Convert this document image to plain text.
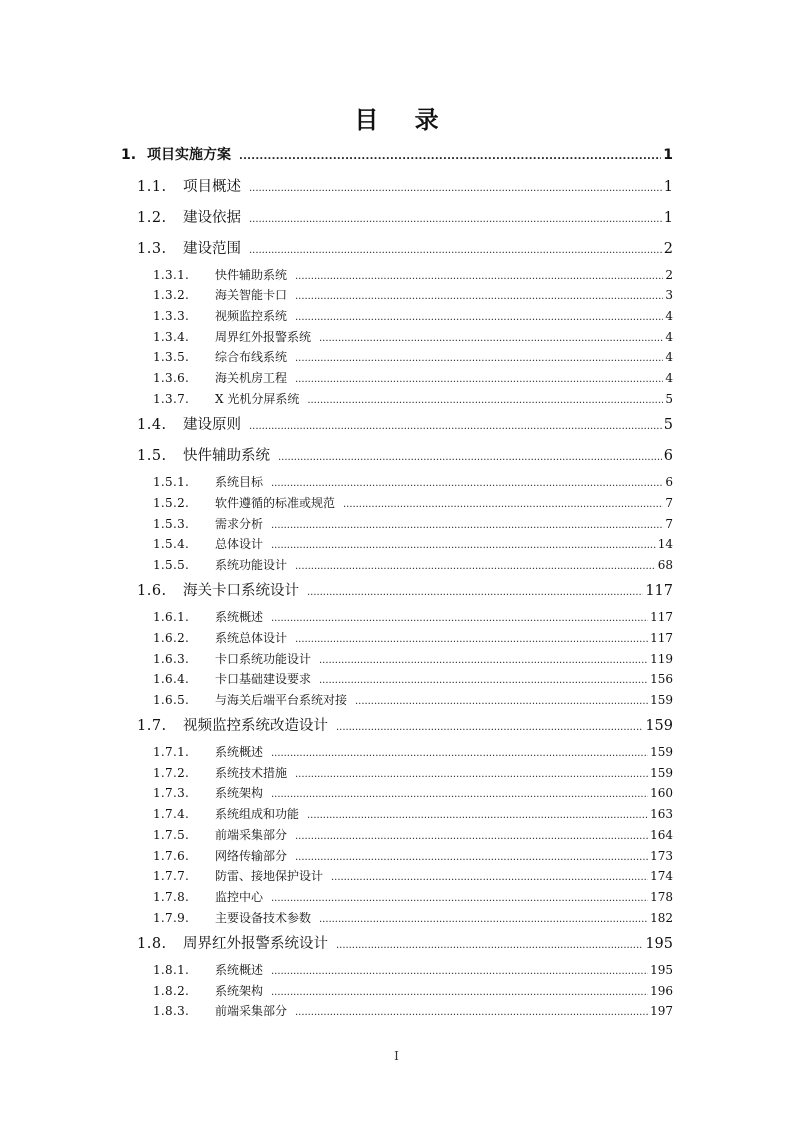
目 录
1. 项目实施方案 . . .	1
1.1.	项目概述 . . .	1
1.2.	建设依据 . . .	1
1.3.	建设范围 . . .	2
1.3.1.	快件辅助系统 . . .	2
1.3.2.	海关智能卡口 . . .	3
1.3.3.	视频监控系统 . . .	4
1.3.4.	周界红外报警系统 . . .	4
1.3.5.	综合布线系统 . . .	4
1.3.6.	海关机房工程 . . .	4
1.3.7.	X 光机分屏系统 . . .	5
1.4.	建设原则 . . .	5
1.5.	快件辅助系统 . . .	6
1.5.1.	系统目标 . . .	6
1.5.2.	软件遵循的标准或规范 . . .	7
1.5.3.	需求分析 . . .	7
1.5.4.	总体设计 . . .	14
1.5.5.	系统功能设计 . . .	68
1.6.	海关卡口系统设计 . . .	117
1.6.1.	系统概述 . . .	117
1.6.2.	系统总体设计 . . .	117
1.6.3.	卡口系统功能设计 . . .	119
1.6.4.	卡口基础建设要求 . . .	156
1.6.5.	与海关后端平台系统对接 . . .	159
1.7.	视频监控系统改造设计 . . .	159
1.7.1.	系统概述 . . .	159
1.7.2.	系统技术措施 . . .	159
1.7.3.	系统架构 . . .	160
1.7.4.	系统组成和功能 . . .	163
1.7.5.	前端采集部分 . . .	164
1.7.6.	网络传输部分 . . .	173
1.7.7.	防雷、接地保护设计 . . .	174
1.7.8.	监控中心 . . .	178
1.7.9.	主要设备技术参数 . . .	182
1.8.	周界红外报警系统设计 . . .	195
1.8.1.	系统概述 . . .	195
1.8.2.	系统架构 . . .	196
1.8.3.	前端采集部分 . . .	197
I
